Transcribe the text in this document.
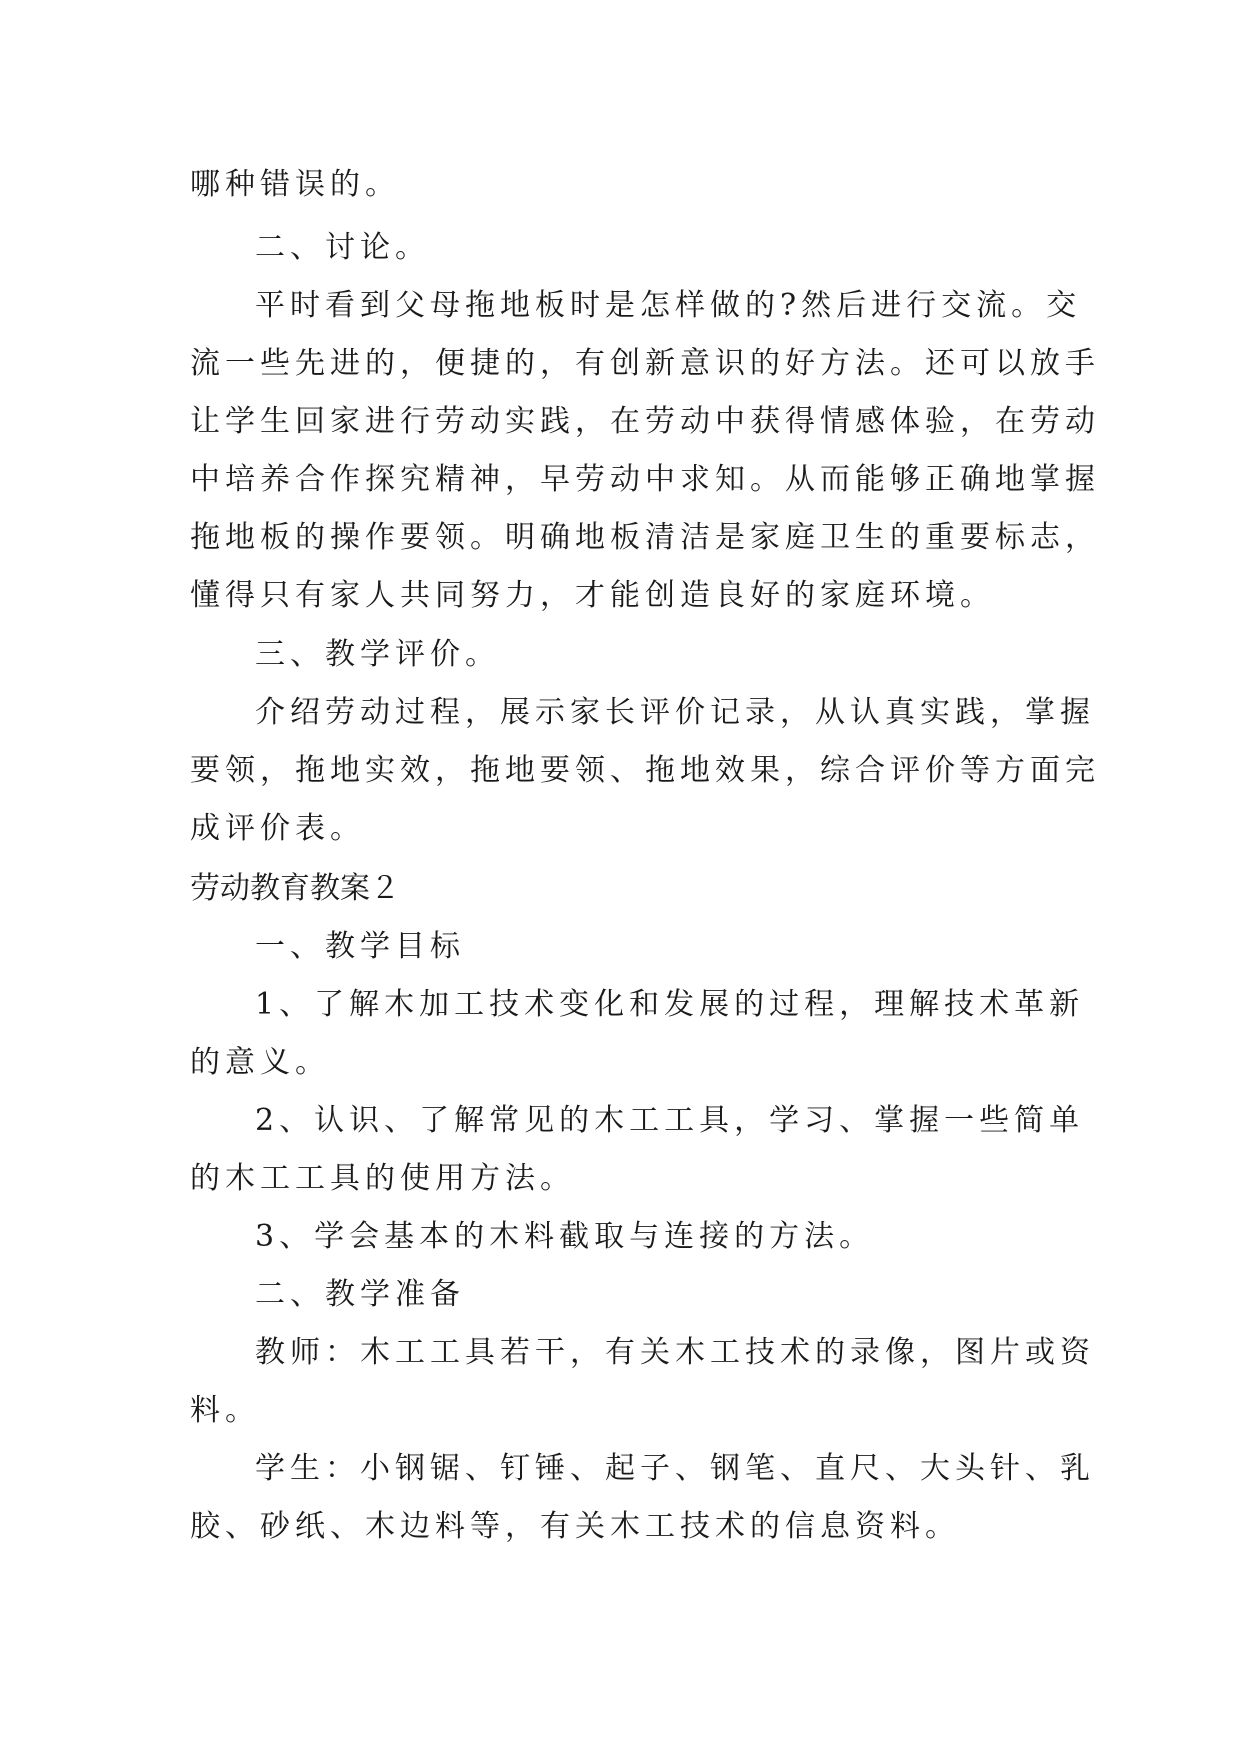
哪种错误的。
二、讨论。
平时看到父母拖地板时是怎样做的?然后进行交流。交
流一些先进的，便捷的，有创新意识的好方法。还可以放手
让学生回家进行劳动实践，在劳动中获得情感体验，在劳动
中培养合作探究精神，早劳动中求知。从而能够正确地掌握
拖地板的操作要领。明确地板清洁是家庭卫生的重要标志，
懂得只有家人共同努力，才能创造良好的家庭环境。
三、教学评价。
介绍劳动过程，展示家长评价记录，从认真实践，掌握
要领，拖地实效，拖地要领、拖地效果，综合评价等方面完
成评价表。
劳动教育教案２
一、教学目标
1、了解木加工技术变化和发展的过程，理解技术革新
的意义。
2、认识、了解常见的木工工具，学习、掌握一些简单
的木工工具的使用方法。
3、学会基本的木料截取与连接的方法。
二、教学准备
教师：木工工具若干，有关木工技术的录像，图片或资
料。
学生：小钢锯、钉锤、起子、钢笔、直尺、大头针、乳
胶、砂纸、木边料等，有关木工技术的信息资料。
